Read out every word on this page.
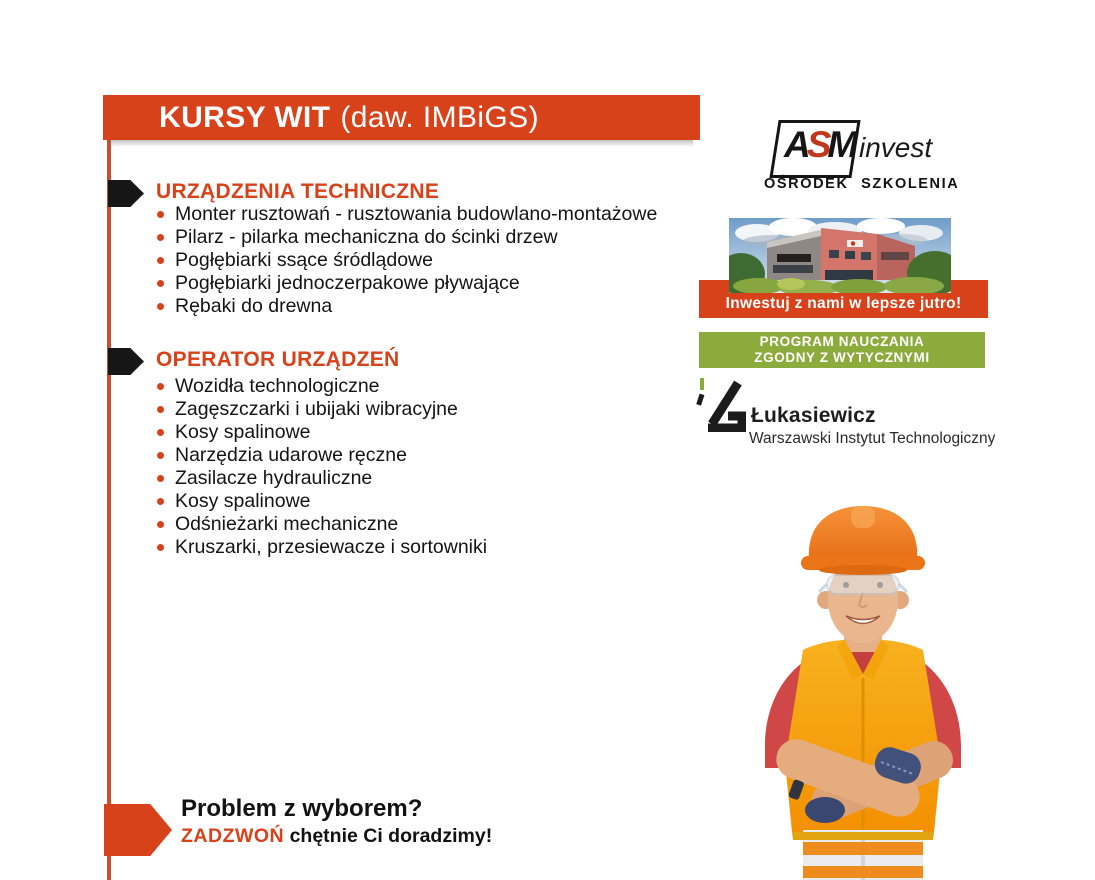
KURSY WIT (daw. IMBiGS)
URZĄDZENIA TECHNICZNE
Monter rusztowań - rusztowania budowlano-montażowe
Pilarz - pilarka mechaniczna do ścinki drzew
Pogłębiarki ssące śródlądowe
Pogłębiarki jednoczerpakowe pływające
Rębaki do drewna
OPERATOR URZĄDZEŃ
Wozidła technologiczne
Zagęszczarki i ubijaki wibracyjne
Kosy spalinowe
Narzędzia udarowe ręczne
Zasilacze hydrauliczne
Kosy spalinowe
Odśnieżarki mechaniczne
Kruszarki, przesiewacze i sortowniki
ASM invest
OŚRODEK SZKOLENIA
Inwestuj z nami w lepsze jutro!
PROGRAM NAUCZANIA
ZGODNY Z WYTYCZNYMI
Łukasiewicz
Warszawski Instytut Technologiczny
Problem z wyborem?
ZADZWOŃ chętnie Ci doradzimy!
